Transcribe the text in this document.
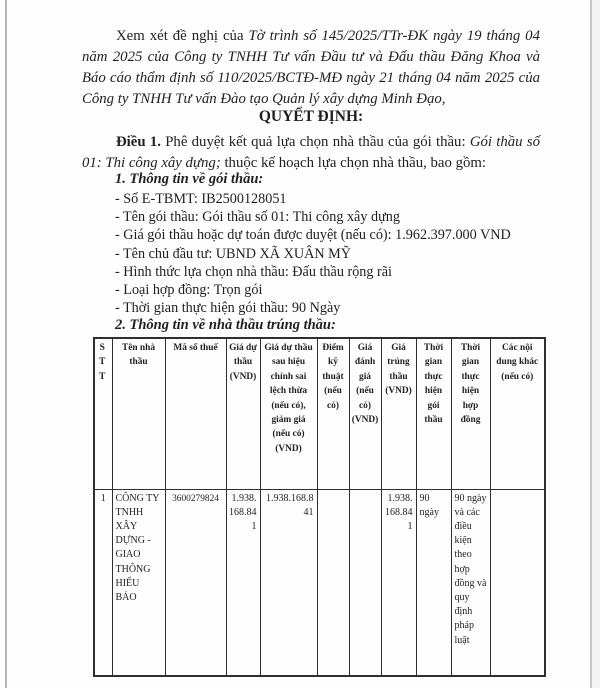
Xem xét đề nghị của Tờ trình số 145/2025/TTr-ĐK ngày 19 tháng 04 năm 2025 của Công ty TNHH Tư vấn Đầu tư và Đấu thầu Đăng Khoa và Báo cáo thẩm định số 110/2025/BCTĐ-MĐ ngày 21 tháng 04 năm 2025 của Công ty TNHH Tư vấn Đào tạo Quản lý xây dựng Minh Đạo,

QUYẾT ĐỊNH:

Điều 1. Phê duyệt kết quả lựa chọn nhà thầu của gói thầu: Gói thầu số 01: Thi công xây dựng; thuộc kế hoạch lựa chọn nhà thầu, bao gồm:

1. Thông tin về gói thầu:

- Số E-TBMT: IB2500128051
- Tên gói thầu: Gói thầu số 01: Thi công xây dựng
- Giá gói thầu hoặc dự toán được duyệt (nếu có): 1.962.397.000 VND
- Tên chủ đầu tư: UBND XÃ XUÂN MỸ
- Hình thức lựa chọn nhà thầu: Đấu thầu rộng rãi
- Loại hợp đồng: Trọn gói
- Thời gian thực hiện gói thầu: 90 Ngày

2. Thông tin về nhà thầu trúng thầu:

STT	Tên nhà thầu	Mã số thuế	Giá dự thầu (VND)	Giá dự thầu sau hiệu chỉnh sai lệch thừa (nếu có), giảm giá (nếu có) (VND)	Điểm kỹ thuật (nếu có)	Giá đánh giá (nếu có) (VND)	Giá trúng thầu (VND)	Thời gian thực hiện gói thầu	Thời gian thực hiện hợp đồng	Các nội dung khác (nếu có)
1	CÔNG TY TNHH XÂY DỰNG - GIAO THÔNG HIẾU BẢO	3600279824	1.938.168.841	1.938.168.841			1.938.168.841	90 ngày	90 ngày và các điều kiện theo hợp đồng và quy định pháp luật	
